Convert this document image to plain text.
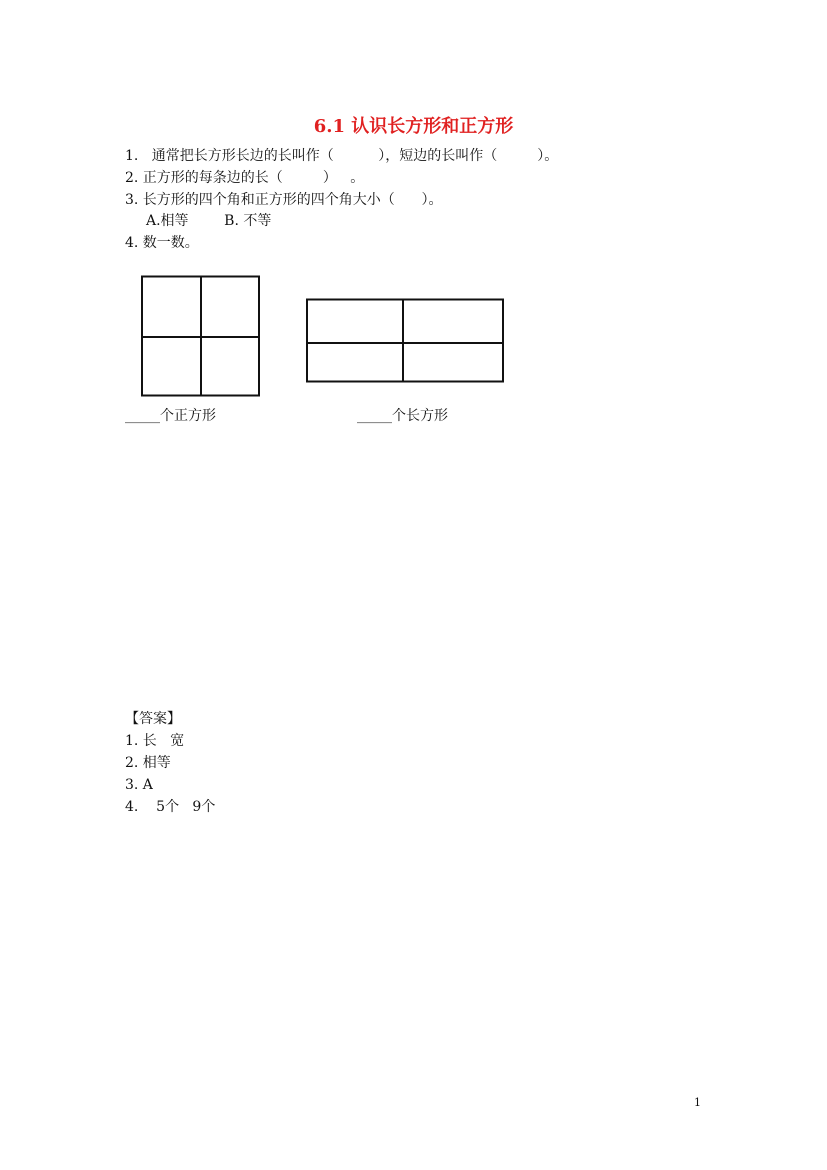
6.1 认识长方形和正方形
1.   通常把长方形长边的长叫作（          ），短边的长叫作（         ）。
2. 正方形的每条边的长（         ）   。
3. 长方形的四个角和正方形的四个角大小（      ）。
A.相等        B. 不等
4. 数一数。
_____个正方形	_____个长方形
【答案】
1. 长   宽
2. 相等
3. A
4.    5个   9个
1
